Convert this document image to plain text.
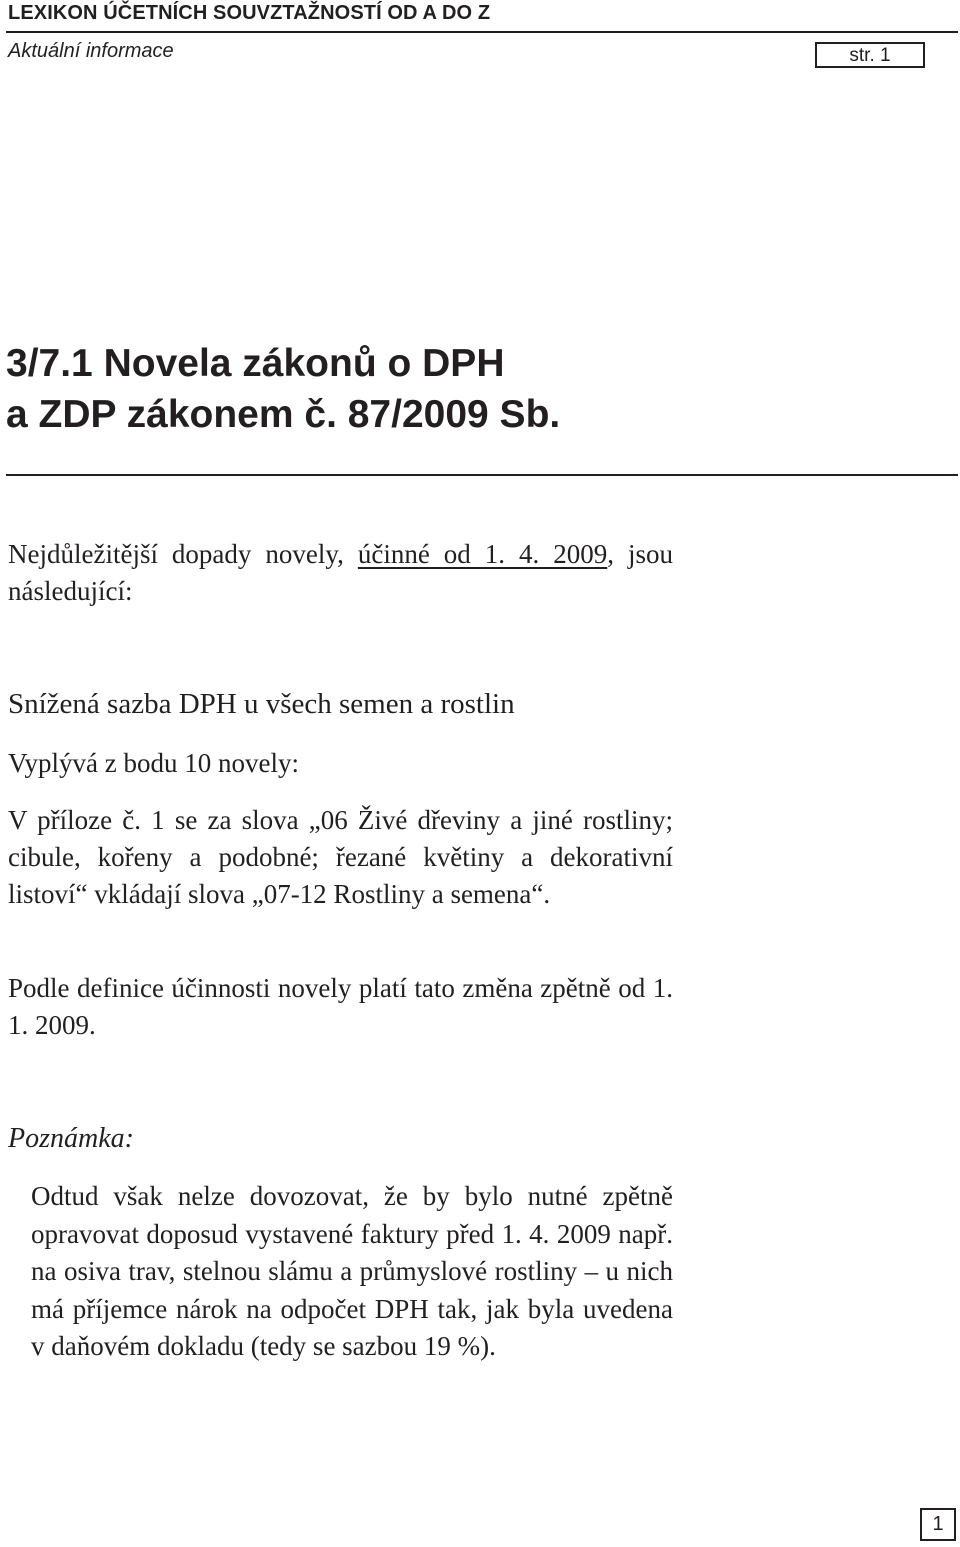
LEXIKON ÚČETNÍCH SOUVZTAŽNOSTÍ OD A DO Z
Aktuální informace	str. 1
3/7.1 Novela zákonů o DPH
a ZDP zákonem č. 87/2009 Sb.

Nejdůležitější dopady novely, účinné od 1. 4. 2009, jsou následující:

Snížená sazba DPH u všech semen a rostlin

Vyplývá z bodu 10 novely:

V příloze č. 1 se za slova „06 Živé dřeviny a jiné rostliny; cibule, kořeny a podobné; řezané květiny a dekorativní listoví“ vkládají slova „07-12 Rostliny a semena“.

Podle definice účinnosti novely platí tato změna zpětně od 1. 1. 2009.

Poznámka:

Odtud však nelze dovozovat, že by bylo nutné zpětně opravovat doposud vystavené faktury před 1. 4. 2009 např. na osiva trav, stelnou slámu a průmyslové rostliny – u nich má příjemce nárok na odpočet DPH tak, jak byla uvedena v daňovém dokladu (tedy se sazbou 19 %).

1
